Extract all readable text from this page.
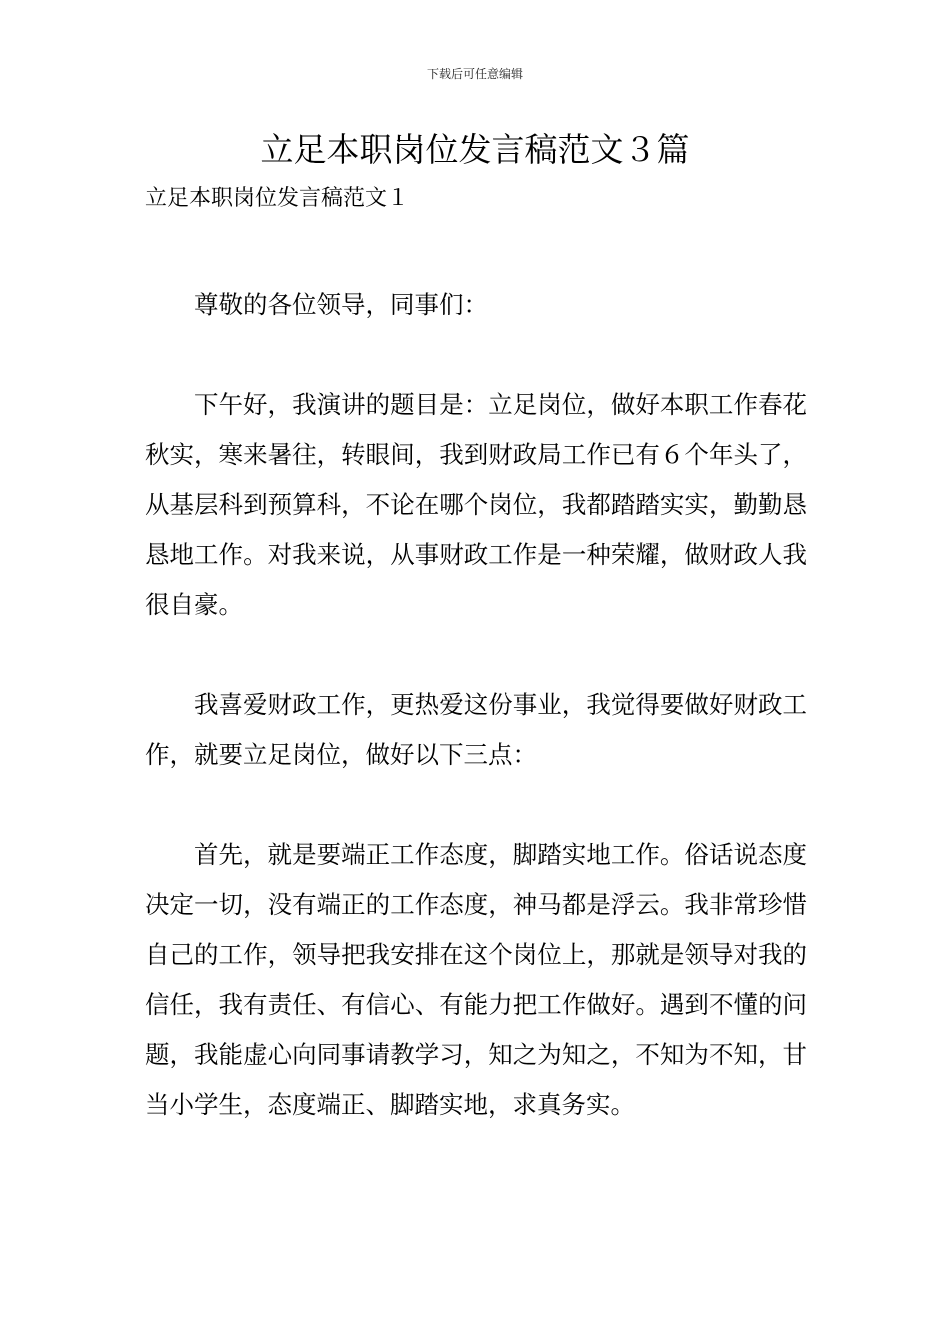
下载后可任意编辑
立足本职岗位发言稿范文３篇
立足本职岗位发言稿范文１

尊敬的各位领导，同事们：

下午好，我演讲的题目是：立足岗位，做好本职工作春花秋实，寒来暑往，转眼间，我到财政局工作已有６个年头了，从基层科到预算科，不论在哪个岗位，我都踏踏实实，勤勤恳恳地工作。对我来说，从事财政工作是一种荣耀，做财政人我很自豪。

我喜爱财政工作，更热爱这份事业，我觉得要做好财政工作，就要立足岗位，做好以下三点：

首先，就是要端正工作态度，脚踏实地工作。俗话说态度决定一切，没有端正的工作态度，神马都是浮云。我非常珍惜自己的工作，领导把我安排在这个岗位上，那就是领导对我的信任，我有责任、有信心、有能力把工作做好。遇到不懂的问题，我能虚心向同事请教学习，知之为知之，不知为不知，甘当小学生，态度端正、脚踏实地，求真务实。
